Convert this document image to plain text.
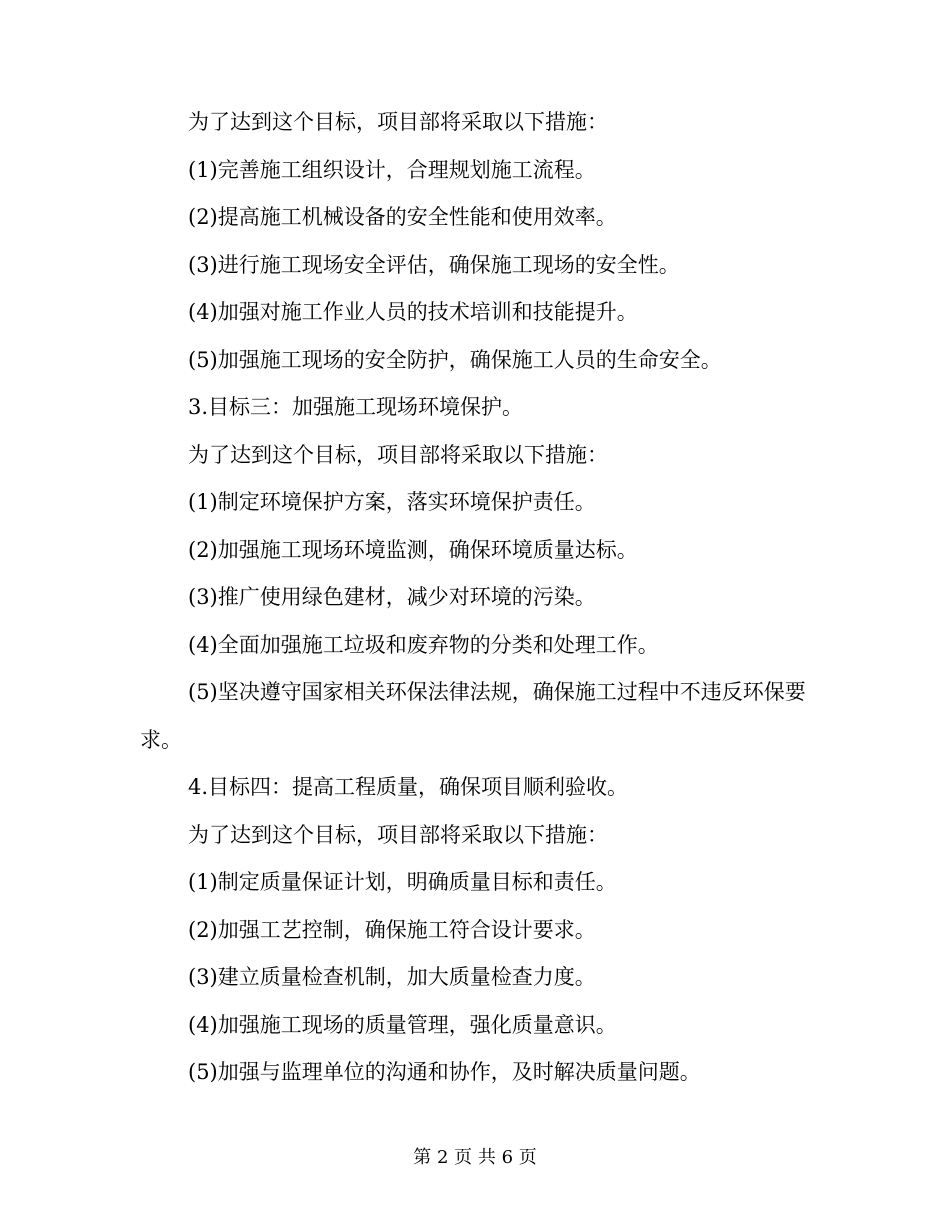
为了达到这个目标，项目部将采取以下措施：

(1)完善施工组织设计，合理规划施工流程。

(2)提高施工机械设备的安全性能和使用效率。

(3)进行施工现场安全评估，确保施工现场的安全性。

(4)加强对施工作业人员的技术培训和技能提升。

(5)加强施工现场的安全防护，确保施工人员的生命安全。

3.目标三：加强施工现场环境保护。

为了达到这个目标，项目部将采取以下措施：

(1)制定环境保护方案，落实环境保护责任。

(2)加强施工现场环境监测，确保环境质量达标。

(3)推广使用绿色建材，减少对环境的污染。

(4)全面加强施工垃圾和废弃物的分类和处理工作。

(5)坚决遵守国家相关环保法律法规，确保施工过程中不违反环保要求。

4.目标四：提高工程质量，确保项目顺利验收。

为了达到这个目标，项目部将采取以下措施：

(1)制定质量保证计划，明确质量目标和责任。

(2)加强工艺控制，确保施工符合设计要求。

(3)建立质量检查机制，加大质量检查力度。

(4)加强施工现场的质量管理，强化质量意识。

(5)加强与监理单位的沟通和协作，及时解决质量问题。

第 2 页 共 6 页
